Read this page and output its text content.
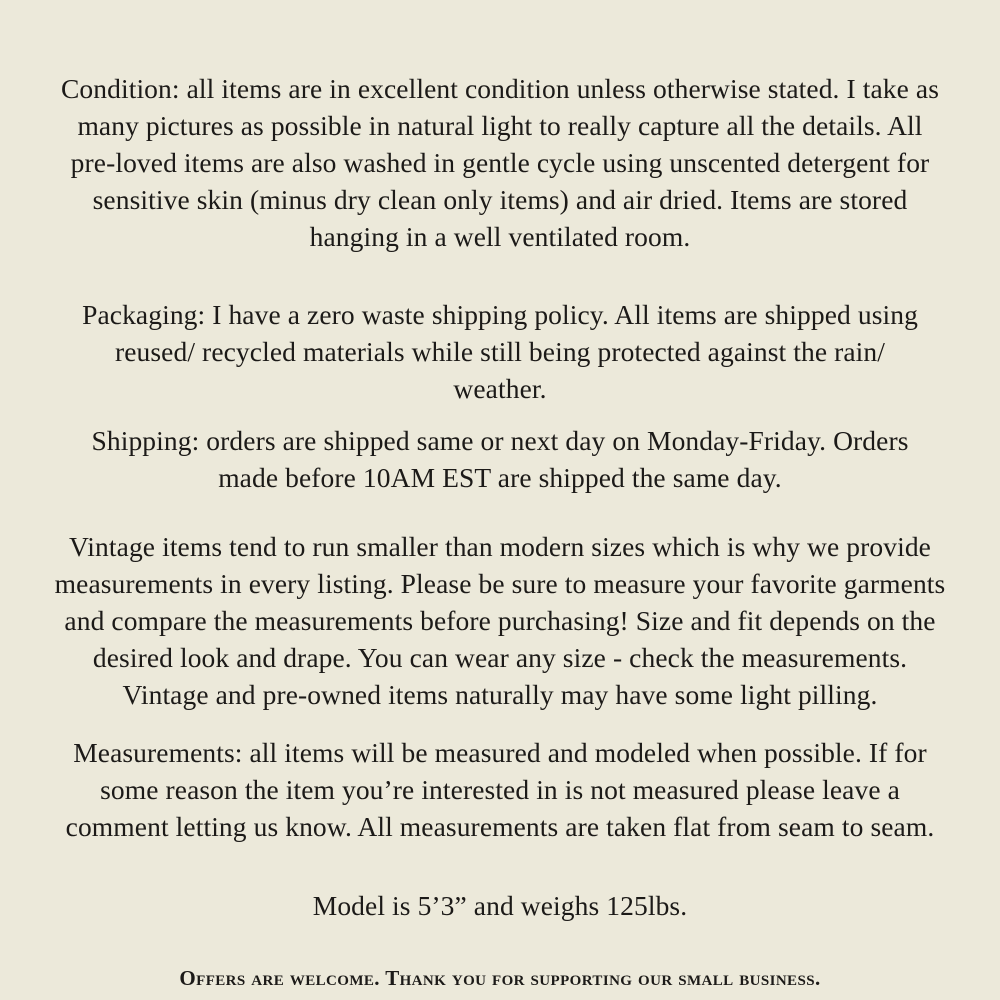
Condition: all items are in excellent condition unless otherwise stated. I take as
many pictures as possible in natural light to really capture all the details. All
pre-loved items are also washed in gentle cycle using unscented detergent for
sensitive skin (minus dry clean only items) and air dried. Items are stored
hanging in a well ventilated room.

Packaging: I have a zero waste shipping policy. All items are shipped using
reused/ recycled materials while still being protected against the rain/
weather.

Shipping: orders are shipped same or next day on Monday-Friday. Orders
made before 10AM EST are shipped the same day.

Vintage items tend to run smaller than modern sizes which is why we provide
measurements in every listing. Please be sure to measure your favorite garments
and compare the measurements before purchasing! Size and fit depends on the
desired look and drape. You can wear any size - check the measurements.
Vintage and pre-owned items naturally may have some light pilling.

Measurements: all items will be measured and modeled when possible. If for
some reason the item you’re interested in is not measured please leave a
comment letting us know. All measurements are taken flat from seam to seam.

Model is 5’3” and weighs 125lbs.

Offers are welcome. Thank you for supporting our small business.
